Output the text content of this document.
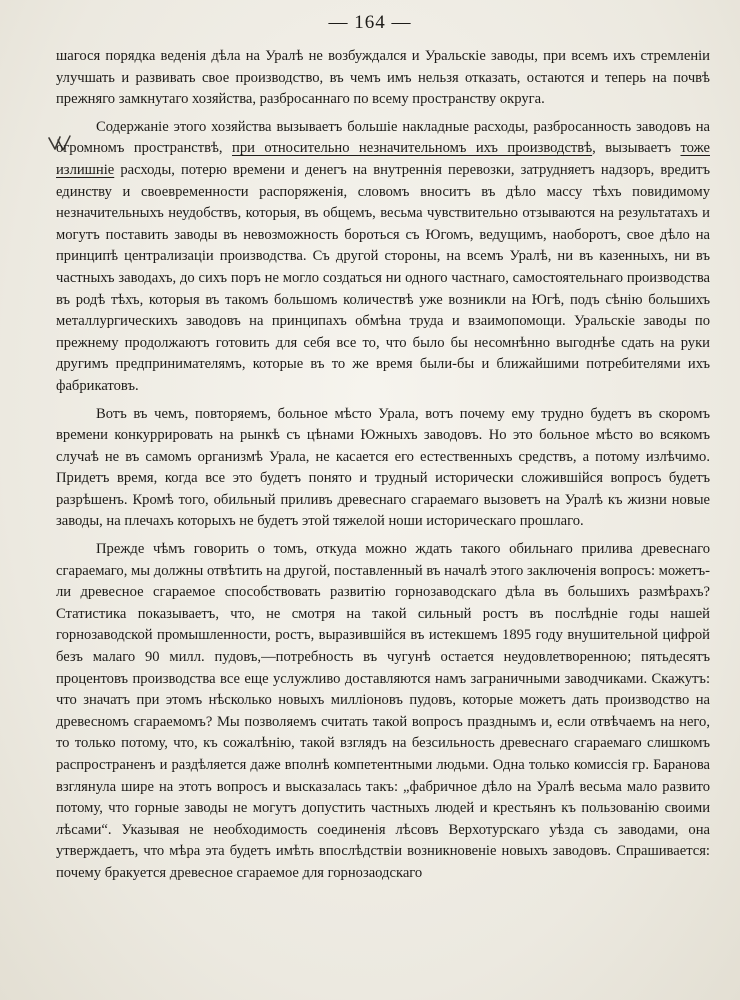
— 164 —

шагося порядка веденія дѣла на Уралѣ не возбуждался и Уральскіе заводы, при всемъ ихъ стремленіи улучшать и развивать свое производство, въ чемъ имъ нельзя отказать, остаются и теперь на почвѣ прежняго замкнутаго хозяйства, разбросаннаго по всему пространству округа.

Содержаніе этого хозяйства вызываетъ большіе накладные расходы, разбросанность заводовъ на огромномъ пространствѣ, при относительно незначительномъ ихъ производствѣ, вызываетъ тоже излишніе расходы, потерю времени и денегъ на внутреннія перевозки, затрудняетъ надзоръ, вредитъ единству и своевременности распоряженія, словомъ вноситъ въ дѣло массу тѣхъ повидимому незначительныхъ неудобствъ, которыя, въ общемъ, весьма чувствительно отзываются на результатахъ и могутъ поставить заводы въ невозможность бороться съ Югомъ, ведущимъ, наоборотъ, свое дѣло на принципѣ централизаціи производства. Съ другой стороны, на всемъ Уралѣ, ни въ казенныхъ, ни въ частныхъ заводахъ, до сихъ поръ не могло создаться ни одного частнаго, самостоятельнаго производства въ родѣ тѣхъ, которыя въ такомъ большомъ количествѣ уже возникли на Югѣ, подъ сѣнію большихъ металлургическихъ заводовъ на принципахъ обмѣна труда и взаимопомощи. Уральскіе заводы по прежнему продолжаютъ готовить для себя все то, что было бы несомнѣнно выгоднѣе сдать на руки другимъ предпринимателямъ, которые въ то же время были-бы и ближайшими потребителями ихъ фабрикатовъ.

Вотъ въ чемъ, повторяемъ, больное мѣсто Урала, вотъ почему ему трудно будетъ въ скоромъ времени конкуррировать на рынкѣ съ цѣнами Южныхъ заводовъ. Но это больное мѣсто во всякомъ случаѣ не въ самомъ организмѣ Урала, не касается его естественныхъ средствъ, а потому излѣчимо. Придетъ время, когда все это будетъ понято и трудный исторически сложившійся вопросъ будетъ разрѣшенъ. Кромѣ того, обильный приливъ древеснаго сгараемаго вызоветъ на Уралѣ къ жизни новые заводы, на плечахъ которыхъ не будетъ этой тяжелой ноши историческаго прошлаго.

Прежде чѣмъ говорить о томъ, откуда можно ждать такого обильнаго прилива древеснаго сгараемаго, мы должны отвѣтить на другой, поставленный въ началѣ этого заключенія вопросъ: можетъ-ли древесное сгараемое способствовать развитію горнозаводскаго дѣла въ большихъ размѣрахъ? Статистика показываетъ, что, не смотря на такой сильный ростъ въ послѣдніе годы нашей горнозаводской промышленности, ростъ, выразившійся въ истекшемъ 1895 году внушительной цифрой безъ малаго 90 милл. пудовъ,—потребность въ чугунѣ остается неудовлетворенною; пятьдесятъ процентовъ производства все еще услужливо доставляются намъ заграничными заводчиками. Скажутъ: что значатъ при этомъ нѣсколько новыхъ милліоновъ пудовъ, которые можетъ дать производство на древесномъ сгараемомъ? Мы позволяемъ считать такой вопросъ празднымъ и, если отвѣчаемъ на него, то только потому, что, къ сожалѣнію, такой взглядъ на безсильность древеснаго сгараемаго слишкомъ распространенъ и раздѣляется даже вполнѣ компетентными людьми. Одна только комиссія гр. Баранова взглянула шире на этотъ вопросъ и высказалась такъ: „фабричное дѣло на Уралѣ весьма мало развито потому, что горные заводы не могутъ допустить частныхъ людей и крестьянъ къ пользованію своими лѣсами“. Указывая не необходимость соединенія лѣсовъ Верхотурскаго уѣзда съ заводами, она утверждаетъ, что мѣра эта будетъ имѣть впослѣдствіи возникновеніе новыхъ заводовъ. Спрашивается: почему бракуется древесное сгараемое для горнозаодскаго
